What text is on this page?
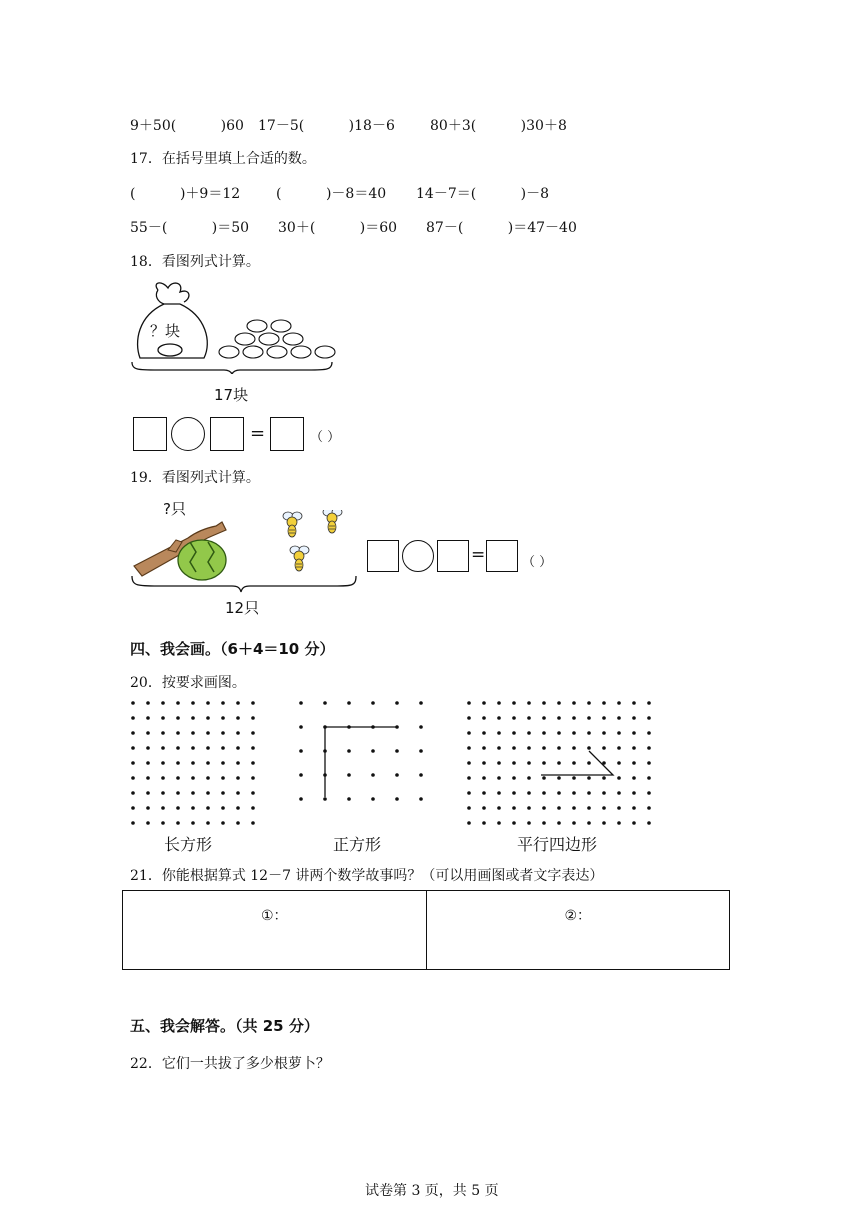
9＋50(          )60 17－5(          )18－6	80＋3(          )30＋8
17．在括号里填上合适的数。
(          )＋9＝12	(          )－8＝40 14－7＝(          )－8
55－(          )＝50 30＋(          )＝60 87－(          )＝47－40
18．看图列式计算。
？块
17块
=	（ ）
19．看图列式计算。
?只
12只
=	（ ）
四、我会画。（6＋4＝10 分）
20．按要求画图。
长方形	正方形	平行四边形
21．你能根据算式 12－7 讲两个数学故事吗？（可以用画图或者文字表达）
①：	②：
五、我会解答。（共 25 分）
22．它们一共拔了多少根萝卜？
试卷第 3 页，共 5 页
